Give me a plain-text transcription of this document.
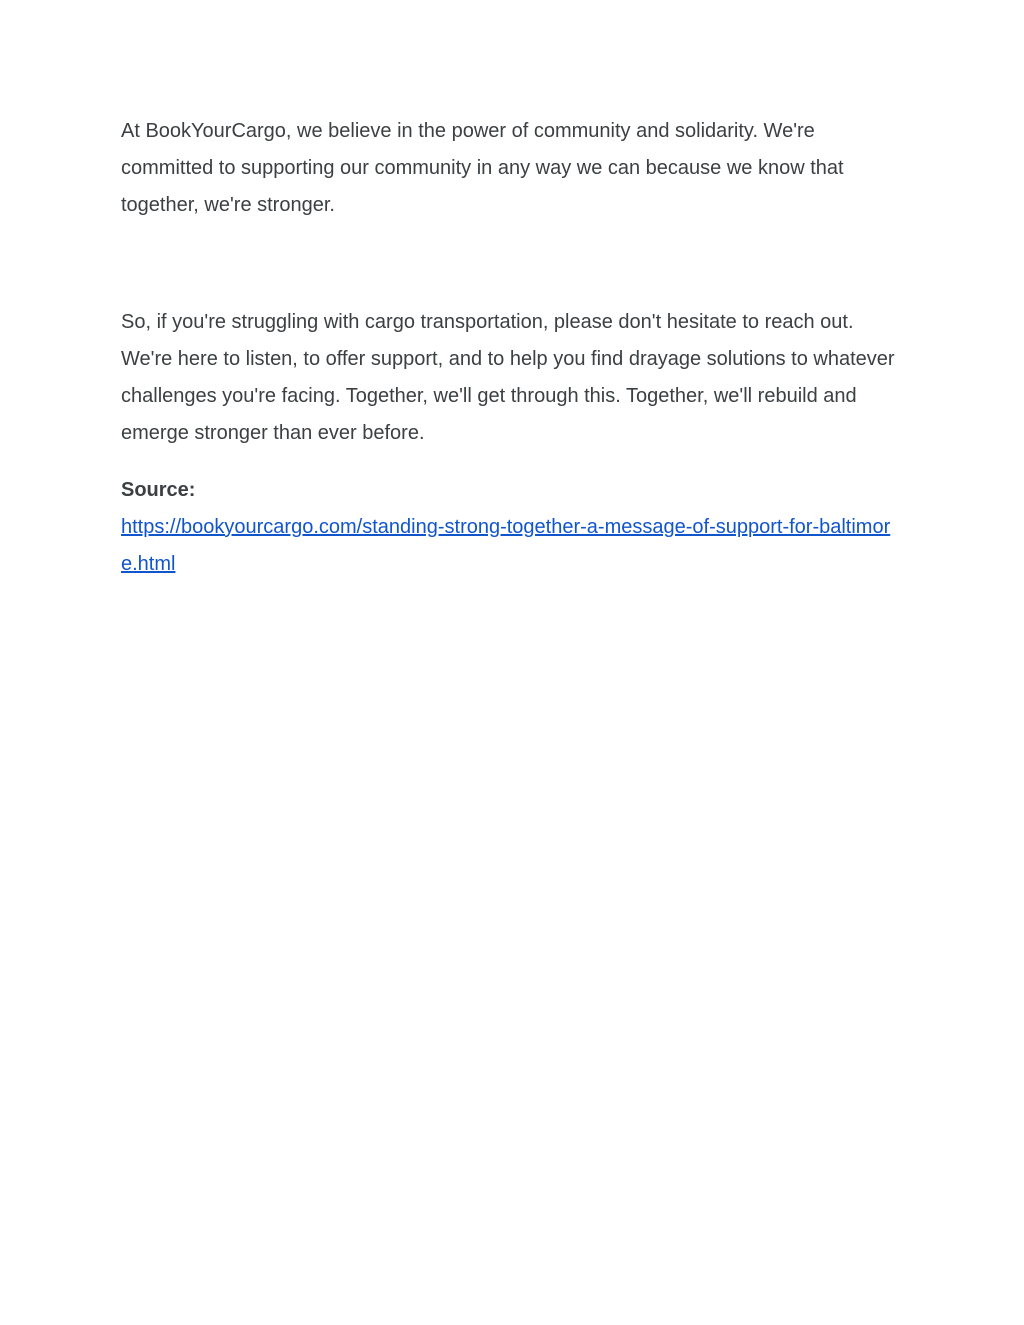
At BookYourCargo, we believe in the power of community and solidarity. We're
committed to supporting our community in any way we can because we know that
together, we're stronger.

So, if you're struggling with cargo transportation, please don't hesitate to reach out.
We're here to listen, to offer support, and to help you find drayage solutions to whatever
challenges you're facing. Together, we'll get through this. Together, we'll rebuild and
emerge stronger than ever before.

Source:
https://bookyourcargo.com/standing-strong-together-a-message-of-support-for-baltimor
e.html
